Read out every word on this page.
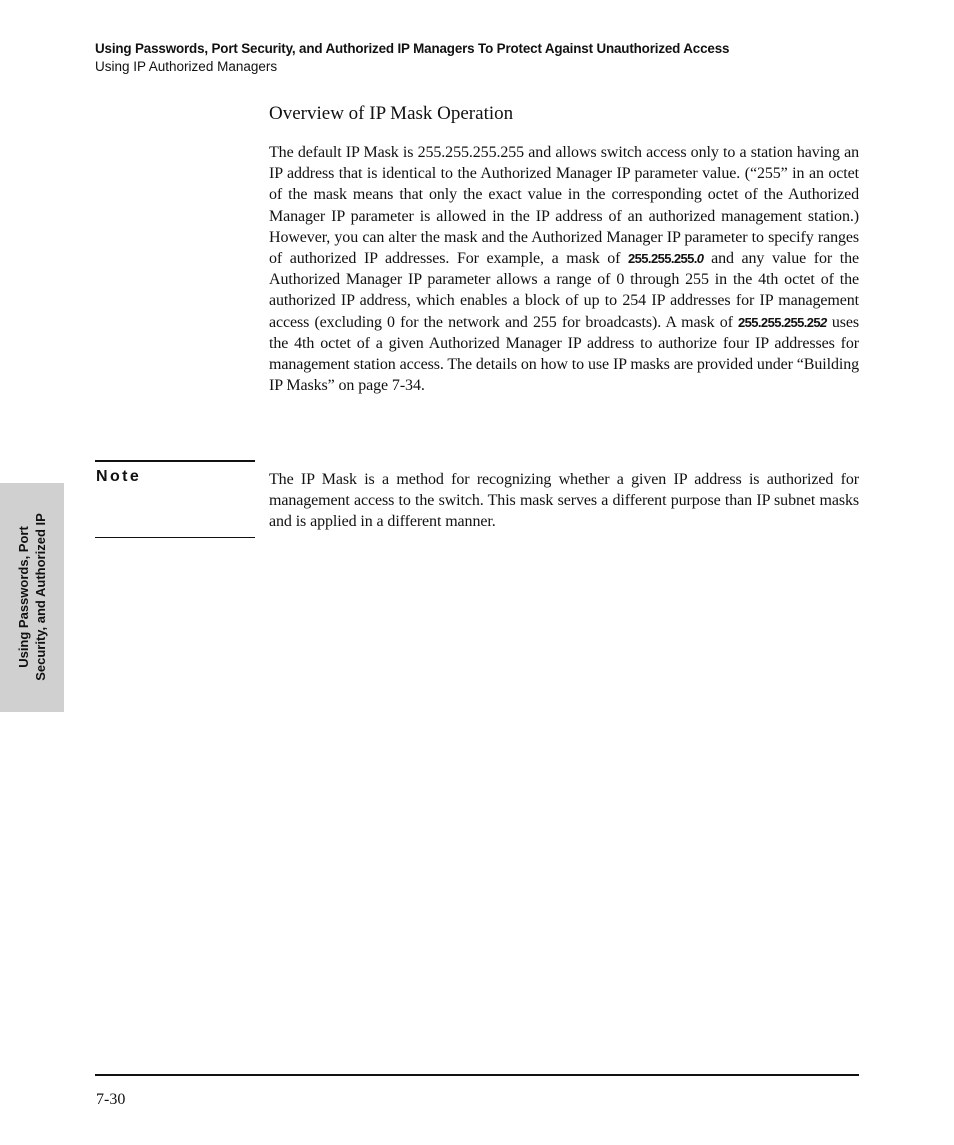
Using Passwords, Port Security, and Authorized IP Managers To Protect Against Unauthorized Access
Using IP Authorized Managers
Using Passwords, Port Security, and Authorized IP
Overview of IP Mask Operation
The default IP Mask is 255.255.255.255 and allows switch access only to a station having an IP address that is identical to the Authorized Manager IP parameter value. (“255” in an octet of the mask means that only the exact value in the corresponding octet of the Authorized Manager IP parameter is allowed in the IP address of an authorized management station.) However, you can alter the mask and the Authorized Manager IP parameter to specify ranges of authorized IP addresses. For example, a mask of 255.255.255.0 and any value for the Authorized Manager IP parameter allows a range of 0 through 255 in the 4th octet of the authorized IP address, which enables a block of up to 254 IP addresses for IP management access (excluding 0 for the network and 255 for broadcasts). A mask of 255.255.255.252 uses the 4th octet of a given Authorized Manager IP address to authorize four IP addresses for management station access. The details on how to use IP masks are provided under “Building IP Masks” on page 7-34.
Note	The IP Mask is a method for recognizing whether a given IP address is authorized for management access to the switch. This mask serves a different purpose than IP subnet masks and is applied in a different manner.
7-30
